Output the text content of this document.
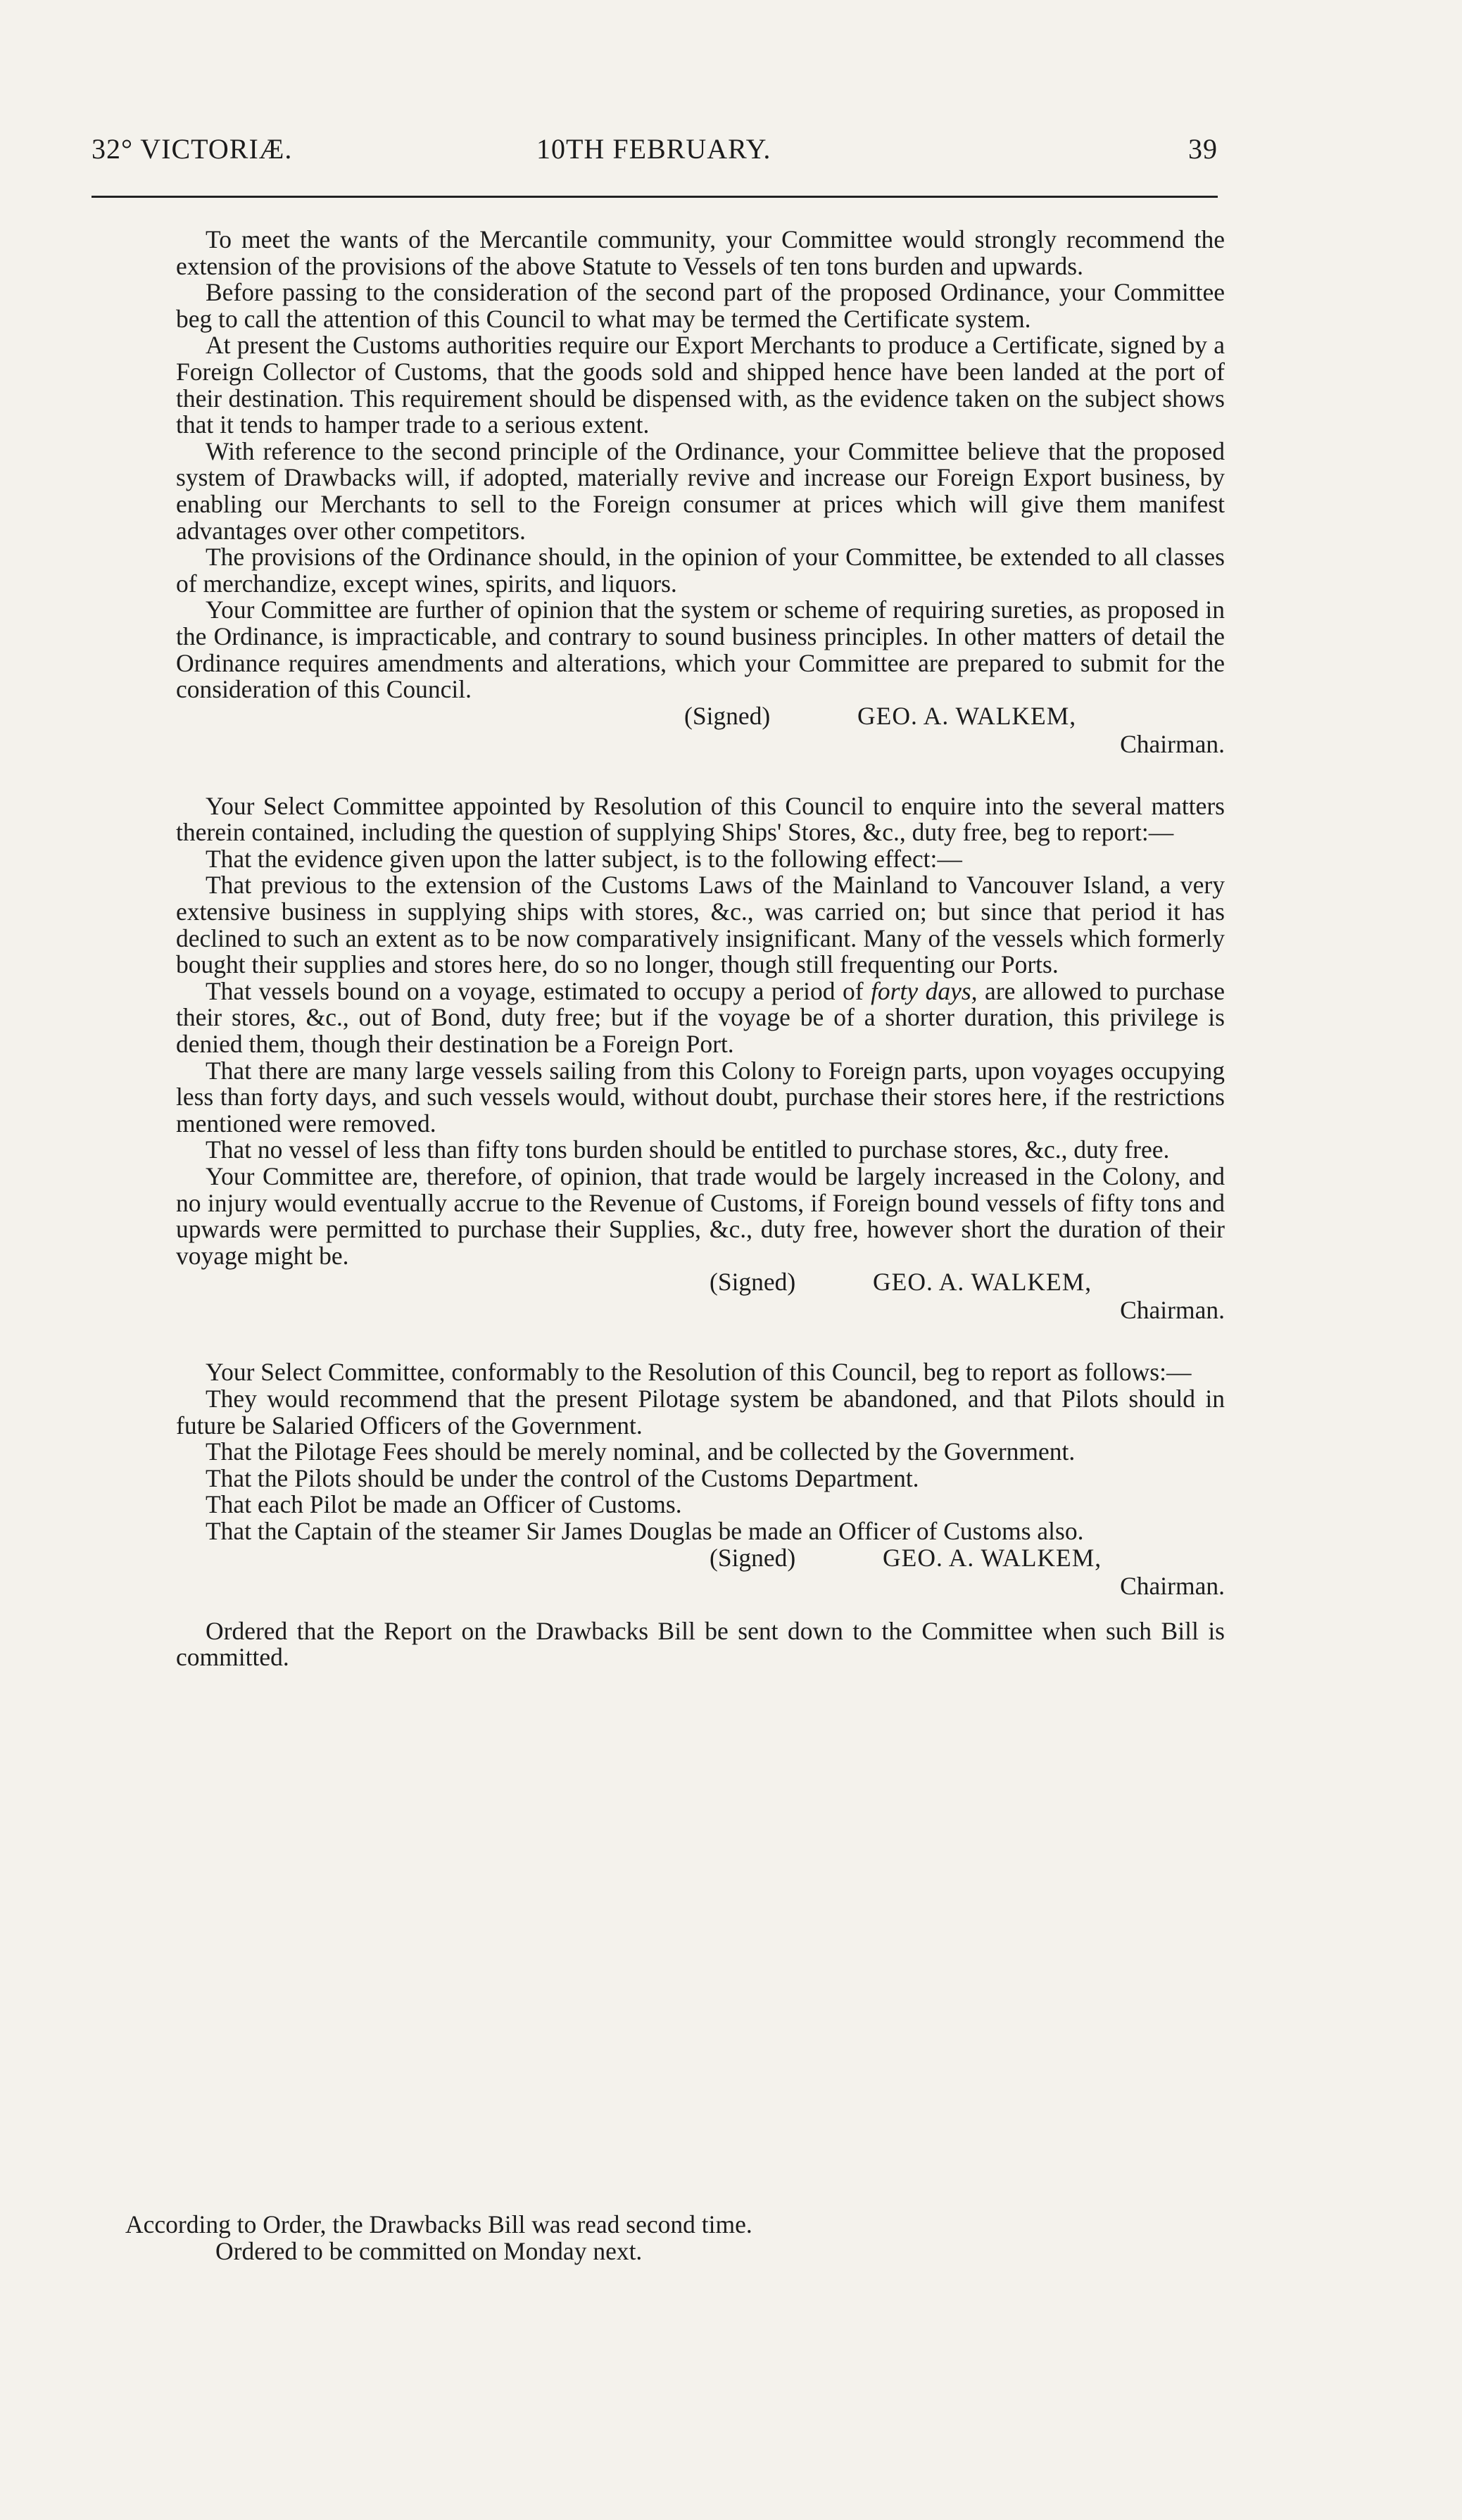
32° VICTORIÆ.	10TH FEBRUARY.	39

To meet the wants of the Mercantile community, your Committee would strongly recommend the extension of the provisions of the above Statute to Vessels of ten tons burden and upwards.

Before passing to the consideration of the second part of the proposed Ordinance, your Committee beg to call the attention of this Council to what may be termed the Certificate system.

At present the Customs authorities require our Export Merchants to produce a Certificate, signed by a Foreign Collector of Customs, that the goods sold and shipped hence have been landed at the port of their destination. This requirement should be dispensed with, as the evidence taken on the subject shows that it tends to hamper trade to a serious extent.

With reference to the second principle of the Ordinance, your Committee believe that the proposed system of Drawbacks will, if adopted, materially revive and increase our Foreign Export business, by enabling our Merchants to sell to the Foreign consumer at prices which will give them manifest advantages over other competitors.

The provisions of the Ordinance should, in the opinion of your Committee, be extended to all classes of merchandize, except wines, spirits, and liquors.

Your Committee are further of opinion that the system or scheme of requiring sureties, as proposed in the Ordinance, is impracticable, and contrary to sound business principles. In other matters of detail the Ordinance requires amendments and alterations, which your Committee are prepared to submit for the consideration of this Council.

(Signed)	GEO. A. WALKEM,
Chairman.

Your Select Committee appointed by Resolution of this Council to enquire into the several matters therein contained, including the question of supplying Ships' Stores, &c., duty free, beg to report:—

That the evidence given upon the latter subject, is to the following effect:—

That previous to the extension of the Customs Laws of the Mainland to Vancouver Island, a very extensive business in supplying ships with stores, &c., was carried on; but since that period it has declined to such an extent as to be now comparatively insignificant. Many of the vessels which formerly bought their supplies and stores here, do so no longer, though still frequenting our Ports.

That vessels bound on a voyage, estimated to occupy a period of forty days, are allowed to purchase their stores, &c., out of Bond, duty free; but if the voyage be of a shorter duration, this privilege is denied them, though their destination be a Foreign Port.

That there are many large vessels sailing from this Colony to Foreign parts, upon voyages occupying less than forty days, and such vessels would, without doubt, purchase their stores here, if the restrictions mentioned were removed.

That no vessel of less than fifty tons burden should be entitled to purchase stores, &c., duty free.

Your Committee are, therefore, of opinion, that trade would be largely increased in the Colony, and no injury would eventually accrue to the Revenue of Customs, if Foreign bound vessels of fifty tons and upwards were permitted to purchase their Supplies, &c., duty free, however short the duration of their voyage might be.

(Signed)	GEO. A. WALKEM,
Chairman.

Your Select Committee, conformably to the Resolution of this Council, beg to report as follows:—

They would recommend that the present Pilotage system be abandoned, and that Pilots should in future be Salaried Officers of the Government.

That the Pilotage Fees should be merely nominal, and be collected by the Government.

That the Pilots should be under the control of the Customs Department.

That each Pilot be made an Officer of Customs.

That the Captain of the steamer Sir James Douglas be made an Officer of Customs also.

(Signed)	GEO. A. WALKEM,
Chairman.

Ordered that the Report on the Drawbacks Bill be sent down to the Committee when such Bill is committed.

According to Order, the Drawbacks Bill was read second time.

Ordered to be committed on Monday next.
